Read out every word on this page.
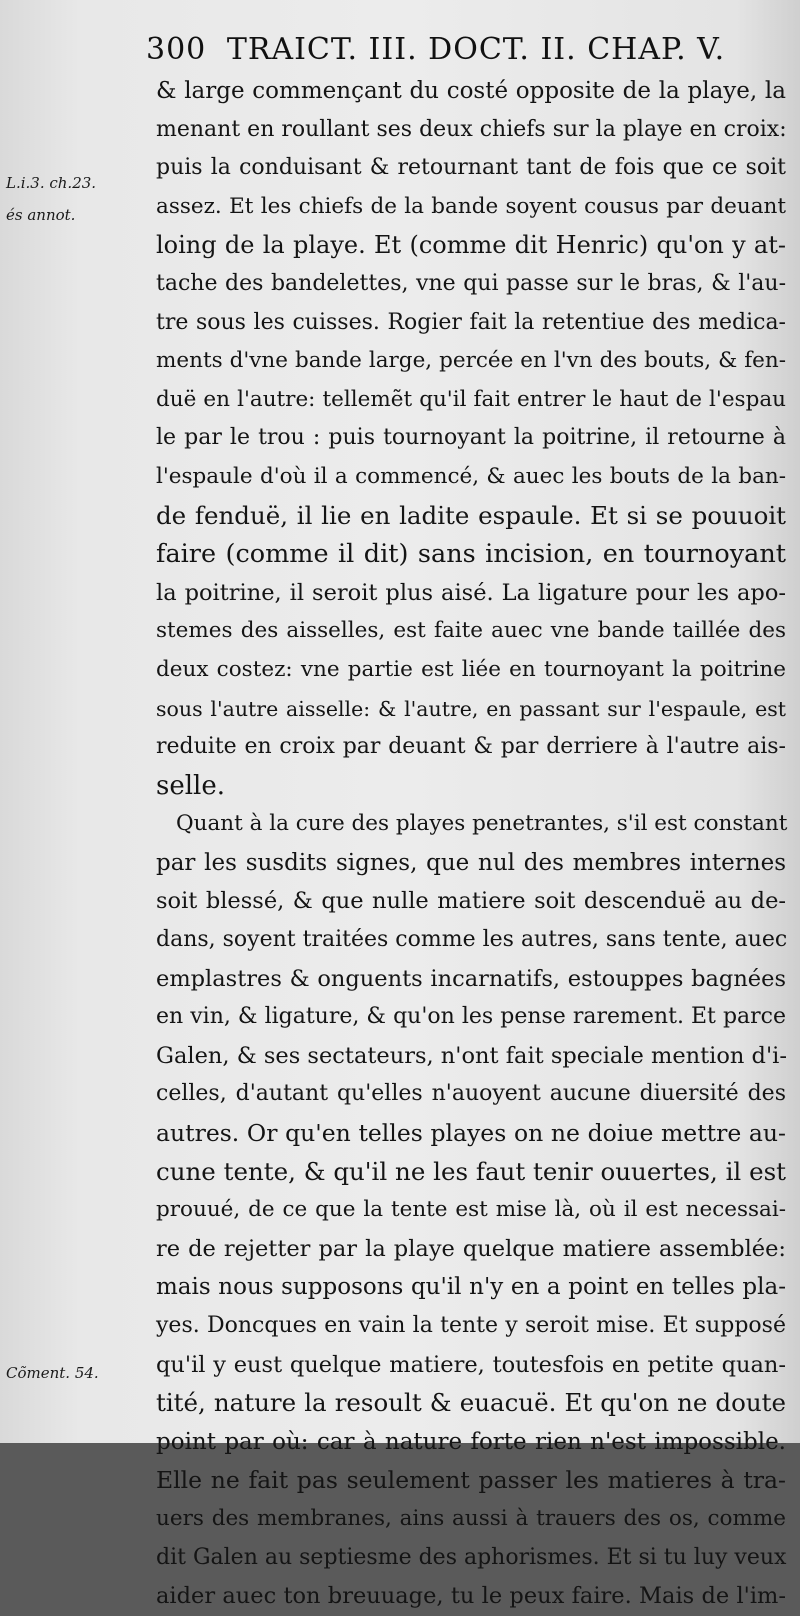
300 TRAICT. III. DOCT. II. CHAP. V.
L.i.3. ch.23.
és annot.
Cõment. 54.
& large commençant du costé opposite de la playe, la
menant en roullant ses deux chiefs sur la playe en croix:
puis la conduisant & retournant tant de fois que ce soit
assez. Et les chiefs de la bande soyent cousus par deuant
loing de la playe. Et (comme dit Henric) qu'on y at-
tache des bandelettes, vne qui passe sur le bras, & l'au-
tre sous les cuisses. Rogier fait la retentiue des medica-
ments d'vne bande large, percée en l'vn des bouts, & fen-
duë en l'autre: tellemẽt qu'il fait entrer le haut de l'espau
le par le trou : puis tournoyant la poitrine, il retourne à
l'espaule d'où il a commencé, & auec les bouts de la ban-
de fenduë, il lie en ladite espaule. Et si se pouuoit
faire (comme il dit) sans incision, en tournoyant
la poitrine, il seroit plus aisé. La ligature pour les apo-
stemes des aisselles, est faite auec vne bande taillée des
deux costez: vne partie est liée en tournoyant la poitrine
sous l'autre aisselle: & l'autre, en passant sur l'espaule, est
reduite en croix par deuant & par derriere à l'autre ais-
selle.
Quant à la cure des playes penetrantes, s'il est constant
par les susdits signes, que nul des membres internes
soit blessé, & que nulle matiere soit descenduë au de-
dans, soyent traitées comme les autres, sans tente, auec
emplastres & onguents incarnatifs, estouppes bagnées
en vin, & ligature, & qu'on les pense rarement. Et parce
Galen, & ses sectateurs, n'ont fait speciale mention d'i-
celles, d'autant qu'elles n'auoyent aucune diuersité des
autres. Or qu'en telles playes on ne doiue mettre au-
cune tente, & qu'il ne les faut tenir ouuertes, il est
prouué, de ce que la tente est mise là, où il est necessai-
re de rejetter par la playe quelque matiere assemblée:
mais nous supposons qu'il n'y en a point en telles pla-
yes. Doncques en vain la tente y seroit mise. Et supposé
qu'il y eust quelque matiere, toutesfois en petite quan-
tité, nature la resoult & euacuë. Et qu'on ne doute
point par où: car à nature forte rien n'est impossible.
Elle ne fait pas seulement passer les matieres à tra-
uers des membranes, ains aussi à trauers des os, comme
dit Galen au septiesme des aphorismes. Et si tu luy veux
aider auec ton breuuage, tu le peux faire. Mais de l'im-
